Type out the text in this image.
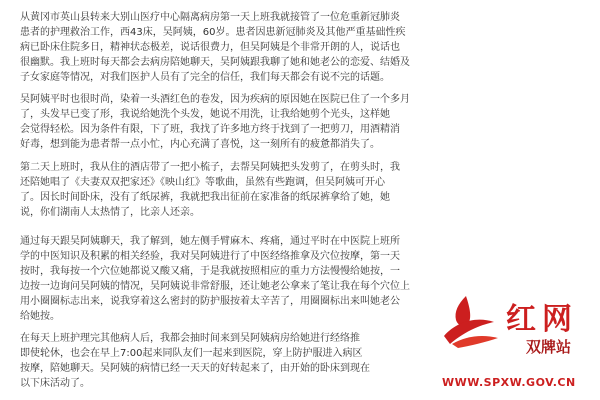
从黄冈市英山县转来大别山医疗中心隔离病房第一天上班我就接管了一位危重新冠肺炎
患者的护理救治工作，西43床，吴阿姨，60岁。患者因患新冠肺炎及其他严重基础性疾
病已卧床住院多日，精神状态极差，说话很费力，但吴阿姨是个非常开朗的人，说话也
很幽默。我上班时每天都会去病房陪她聊天，吴阿姨跟我聊了她和她老公的恋爱、结婚及
子女家庭等情况，对我们医护人员有了完全的信任，我们每天都会有说不完的话题。
吴阿姨平时也很时尚，染着一头酒红色的卷发，因为疾病的原因她在医院已住了一个多月
了，头发早已变了形，我说给她洗个头发，她说不用洗，让我给她剪个光头，这样她
会觉得轻松。因为条件有限，下了班，我找了许多地方终于找到了一把剪刀，用酒精消
好毒，想到能为患者帮一点小忙，内心充满了喜悦，这一刻所有的疲惫都消失了。
第二天上班时，我从住的酒店带了一把小梳子，去帮吴阿姨把头发剪了，在剪头时，我
还陪她唱了《夫妻双双把家还》《映山红》等歌曲，虽然有些跑调，但吴阿姨可开心
了。因长时间卧床，没有了纸尿裤，我就把我出征前在家准备的纸尿裤拿给了她，她
说，你们湖南人太热情了，比亲人还亲。
通过每天跟吴阿姨聊天，我了解到，她左侧手臂麻木、疼痛，通过平时在中医院上班所
学的中医知识及积累的相关经验，我对吴阿姨进行了中医经络推拿及穴位按摩，第一天
按时，我每按一个穴位她都说又酸又痛，于是我就按照相应的重力方法慢慢给她按，一
边按一边询问吴阿姨的情况，吴阿姨说非常舒服，还让她老公拿来了笔让我在每个穴位上
用小圈圈标志出来，说我穿着这么密封的防护服按着太辛苦了，用圈圈标出来叫她老公
给她按。
在每天上班护理完其他病人后，我都会抽时间来到吴阿姨病房给她进行经络推
即使轮休，也会在早上7:00起来同队友们一起来到医院，穿上防护服进入病区
按摩，陪她聊天。吴阿姨的病情已经一天天的好转起来了，由开始的卧床到现在
以下床活动了。
红网
双牌站
WWW.SPXW.GOV.CN
